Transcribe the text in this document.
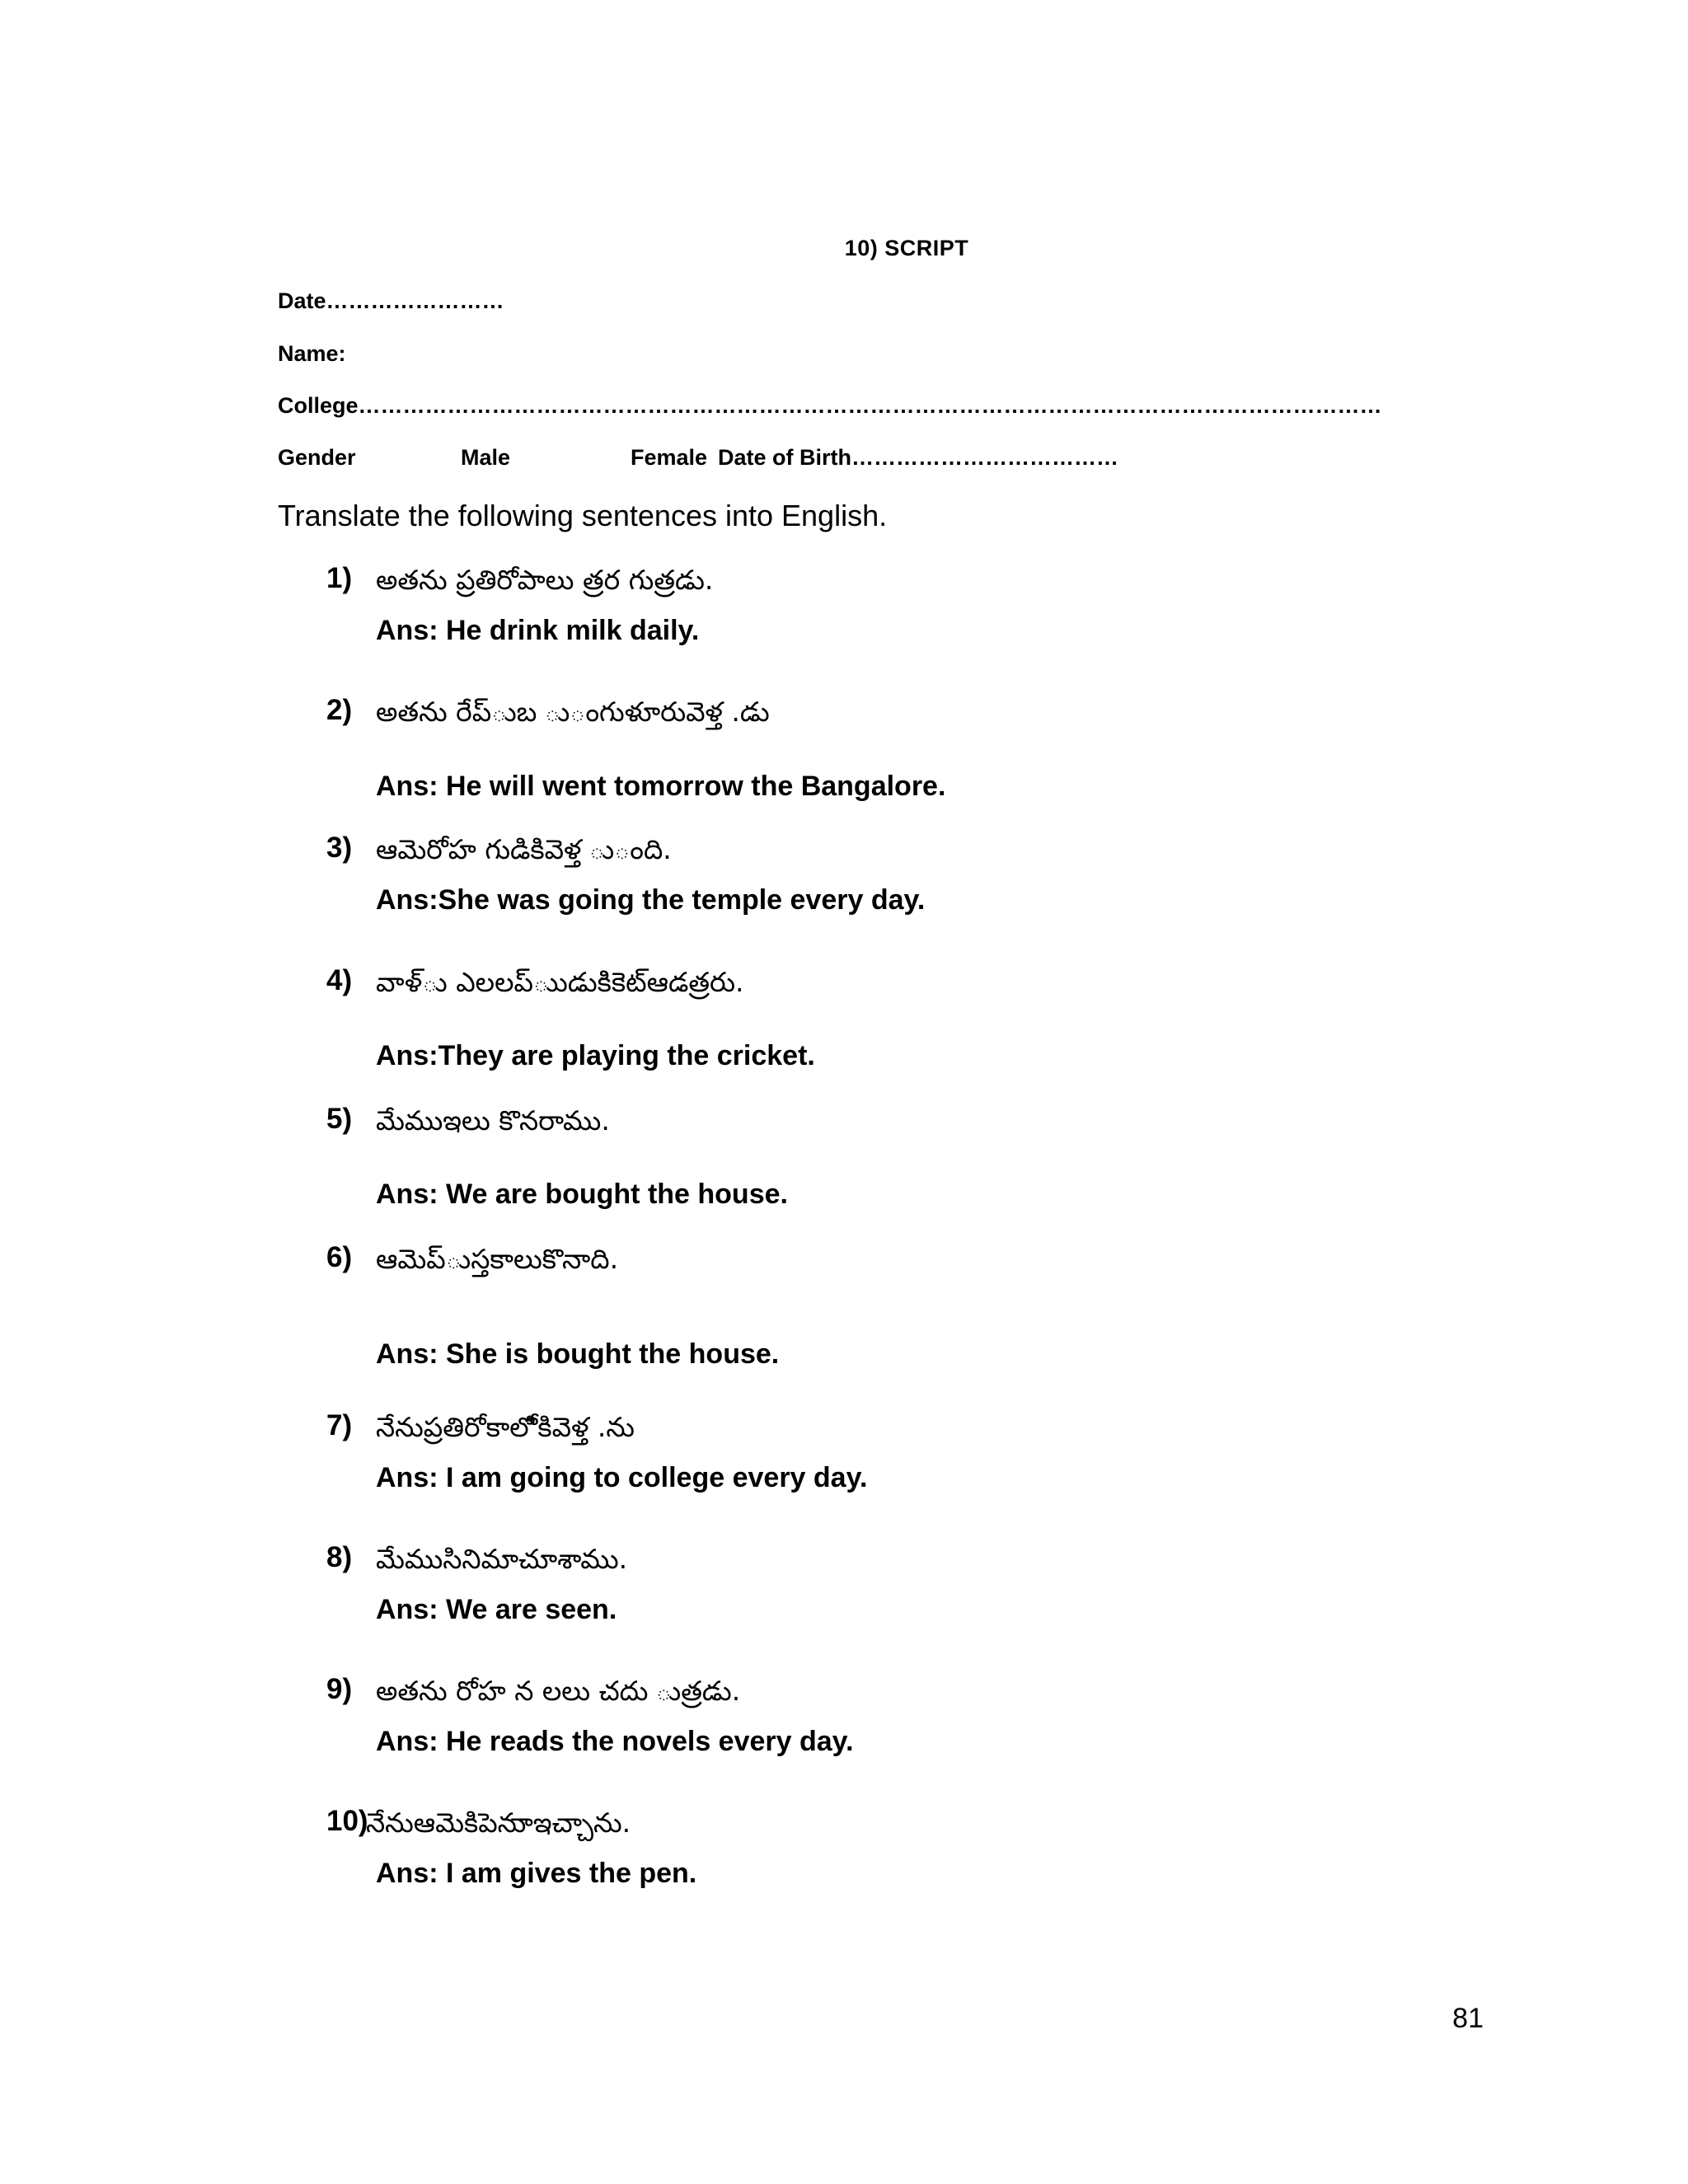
10) SCRIPT
Date……………………
Name:
College…………………………………………………………………………………………………………………………
Gender	Male	Female Date of Birth………………………………
Translate the following sentences into English.
1) అతను ప్రతిరోపాలు త్రర గుత్రడు.
Ans: He drink milk daily.
2) అతను రేప్ుబ ు◌ంగుళూరువెళ్త .డు
Ans: He will went tomorrow the Bangalore.
3) ఆమెరోహ గుడికివెళ్త ు◌ంది.
Ans:She was going the temple every day.
4) వాళ్ు ఎలలప్ుుడుకిికెట్ఆడత్రరు.
Ans:They are playing the cricket.
5) మేముఇలు కొనరాము.
Ans: We are bought the house.
6) ఆమెప్ుస్తకాలుకొనాది.
Ans: She is bought the house.
7) నేనుప్రతిరోకాలోికివెళ్త .ను
Ans: I am going to college every day.
8) మేముసినిమాచూశాము.
Ans: We are seen.
9) అతను రోహ న లలు చదు ుత్రడు.
Ans: He reads the novels every day.
10)
నేనుఆమెకిపెనుాఇచ్చాను.
Ans: I am gives the pen.
81
